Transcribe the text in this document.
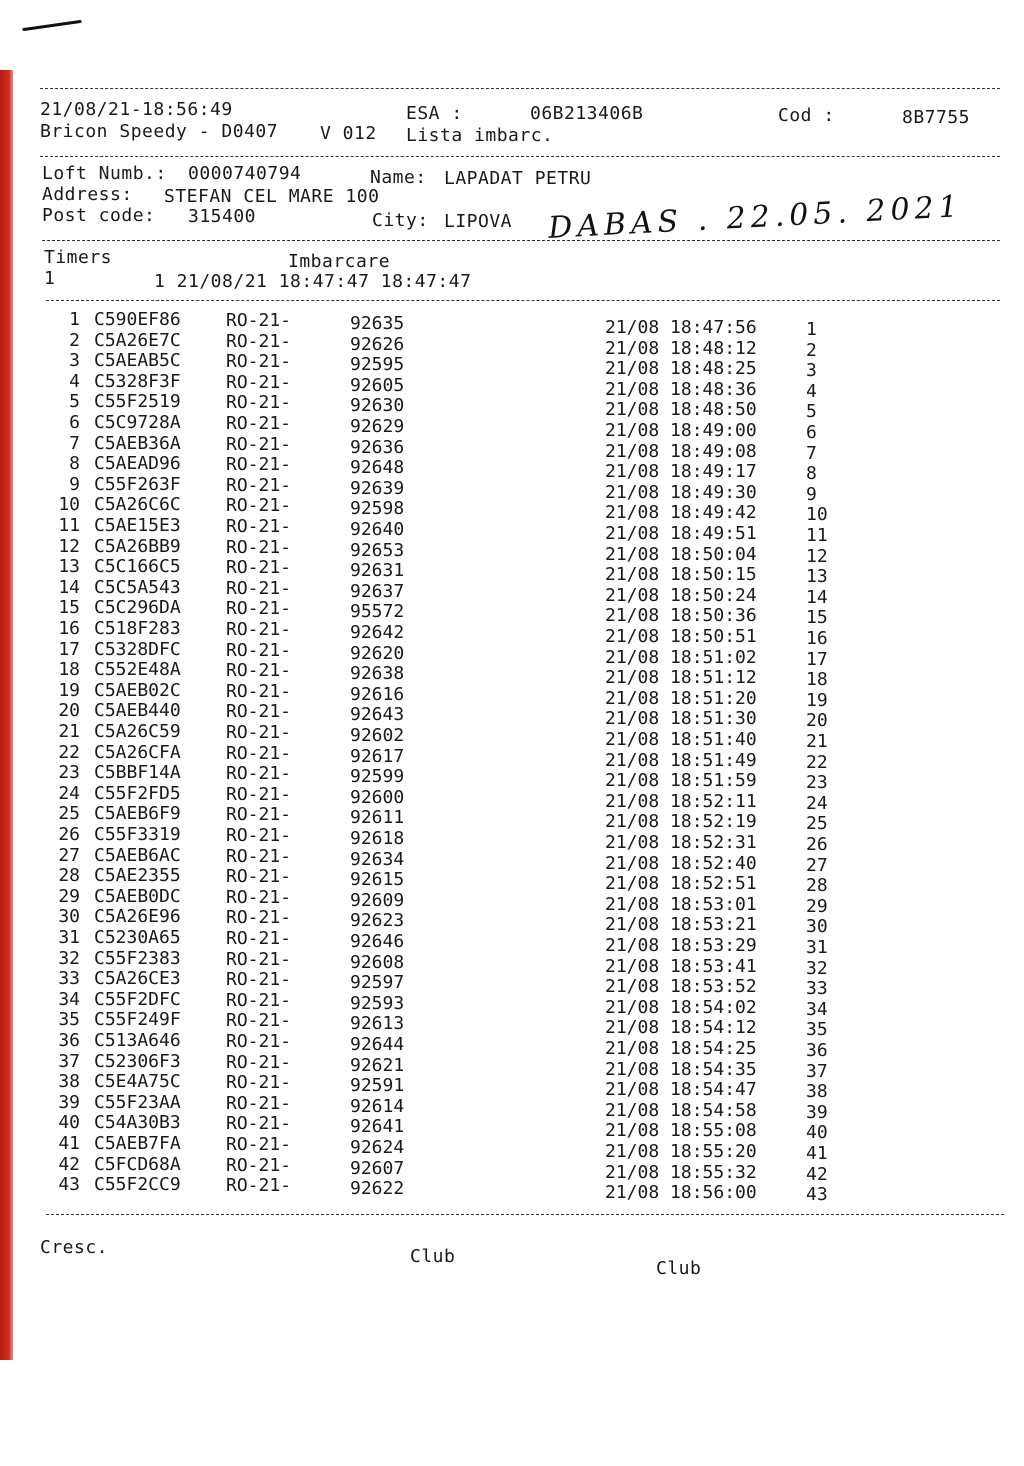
21/08/21-18:56:49	ESA :	06B213406B	Cod :	8B7755
Bricon Speedy - D0407 V 012 Lista imbarc.
Loft Numb.: 0000740794	Name: LAPADAT PETRU
Address: STEFAN CEL MARE 100
Post code: 315400	City: LIPOVA DABAS . 22.05. 2021
Timers	Imbarcare
1	1 21/08/21 18:47:47 18:47:47
1 C590EF86	RO-21-	92635	21/08 18:47:56	1
2 C5A26E7C	RO-21-	92626	21/08 18:48:12	2
3 C5AEAB5C	RO-21-	92595	21/08 18:48:25	3
4 C5328F3F	RO-21-	92605	21/08 18:48:36	4
5 C55F2519	RO-21-	92630	21/08 18:48:50	5
6 C5C9728A	RO-21-	92629	21/08 18:49:00	6
7 C5AEB36A	RO-21-	92636	21/08 18:49:08	7
8 C5AEAD96	RO-21-	92648	21/08 18:49:17	8
9 C55F263F	RO-21-	92639	21/08 18:49:30	9
10 C5A26C6C	RO-21-	92598	21/08 18:49:42	10
11 C5AE15E3	RO-21-	92640	21/08 18:49:51	11
12 C5A26BB9	RO-21-	92653	21/08 18:50:04	12
13 C5C166C5	RO-21-	92631	21/08 18:50:15	13
14 C5C5A543	RO-21-	92637	21/08 18:50:24	14
15 C5C296DA	RO-21-	95572	21/08 18:50:36	15
16 C518F283	RO-21-	92642	21/08 18:50:51	16
17 C5328DFC	RO-21-	92620	21/08 18:51:02	17
18 C552E48A	RO-21-	92638	21/08 18:51:12	18
19 C5AEB02C	RO-21-	92616	21/08 18:51:20	19
20 C5AEB440	RO-21-	92643	21/08 18:51:30	20
21 C5A26C59	RO-21-	92602	21/08 18:51:40	21
22 C5A26CFA	RO-21-	92617	21/08 18:51:49	22
23 C5BBF14A	RO-21-	92599	21/08 18:51:59	23
24 C55F2FD5	RO-21-	92600	21/08 18:52:11	24
25 C5AEB6F9	RO-21-	92611	21/08 18:52:19	25
26 C55F3319	RO-21-	92618	21/08 18:52:31	26
27 C5AEB6AC	RO-21-	92634	21/08 18:52:40	27
28 C5AE2355	RO-21-	92615	21/08 18:52:51	28
29 C5AEB0DC	RO-21-	92609	21/08 18:53:01	29
30 C5A26E96	RO-21-	92623	21/08 18:53:21	30
31 C5230A65	RO-21-	92646	21/08 18:53:29	31
32 C55F2383	RO-21-	92608	21/08 18:53:41	32
33 C5A26CE3	RO-21-	92597	21/08 18:53:52	33
34 C55F2DFC	RO-21-	92593	21/08 18:54:02	34
35 C55F249F	RO-21-	92613	21/08 18:54:12	35
36 C513A646	RO-21-	92644	21/08 18:54:25	36
37 C52306F3	RO-21-	92621	21/08 18:54:35	37
38 C5E4A75C	RO-21-	92591	21/08 18:54:47	38
39 C55F23AA	RO-21-	92614	21/08 18:54:58	39
40 C54A30B3	RO-21-	92641	21/08 18:55:08	40
41 C5AEB7FA	RO-21-	92624	21/08 18:55:20	41
42 C5FCD68A	RO-21-	92607	21/08 18:55:32	42
43 C55F2CC9	RO-21-	92622	21/08 18:56:00	43
Cresc.	Club
Club
